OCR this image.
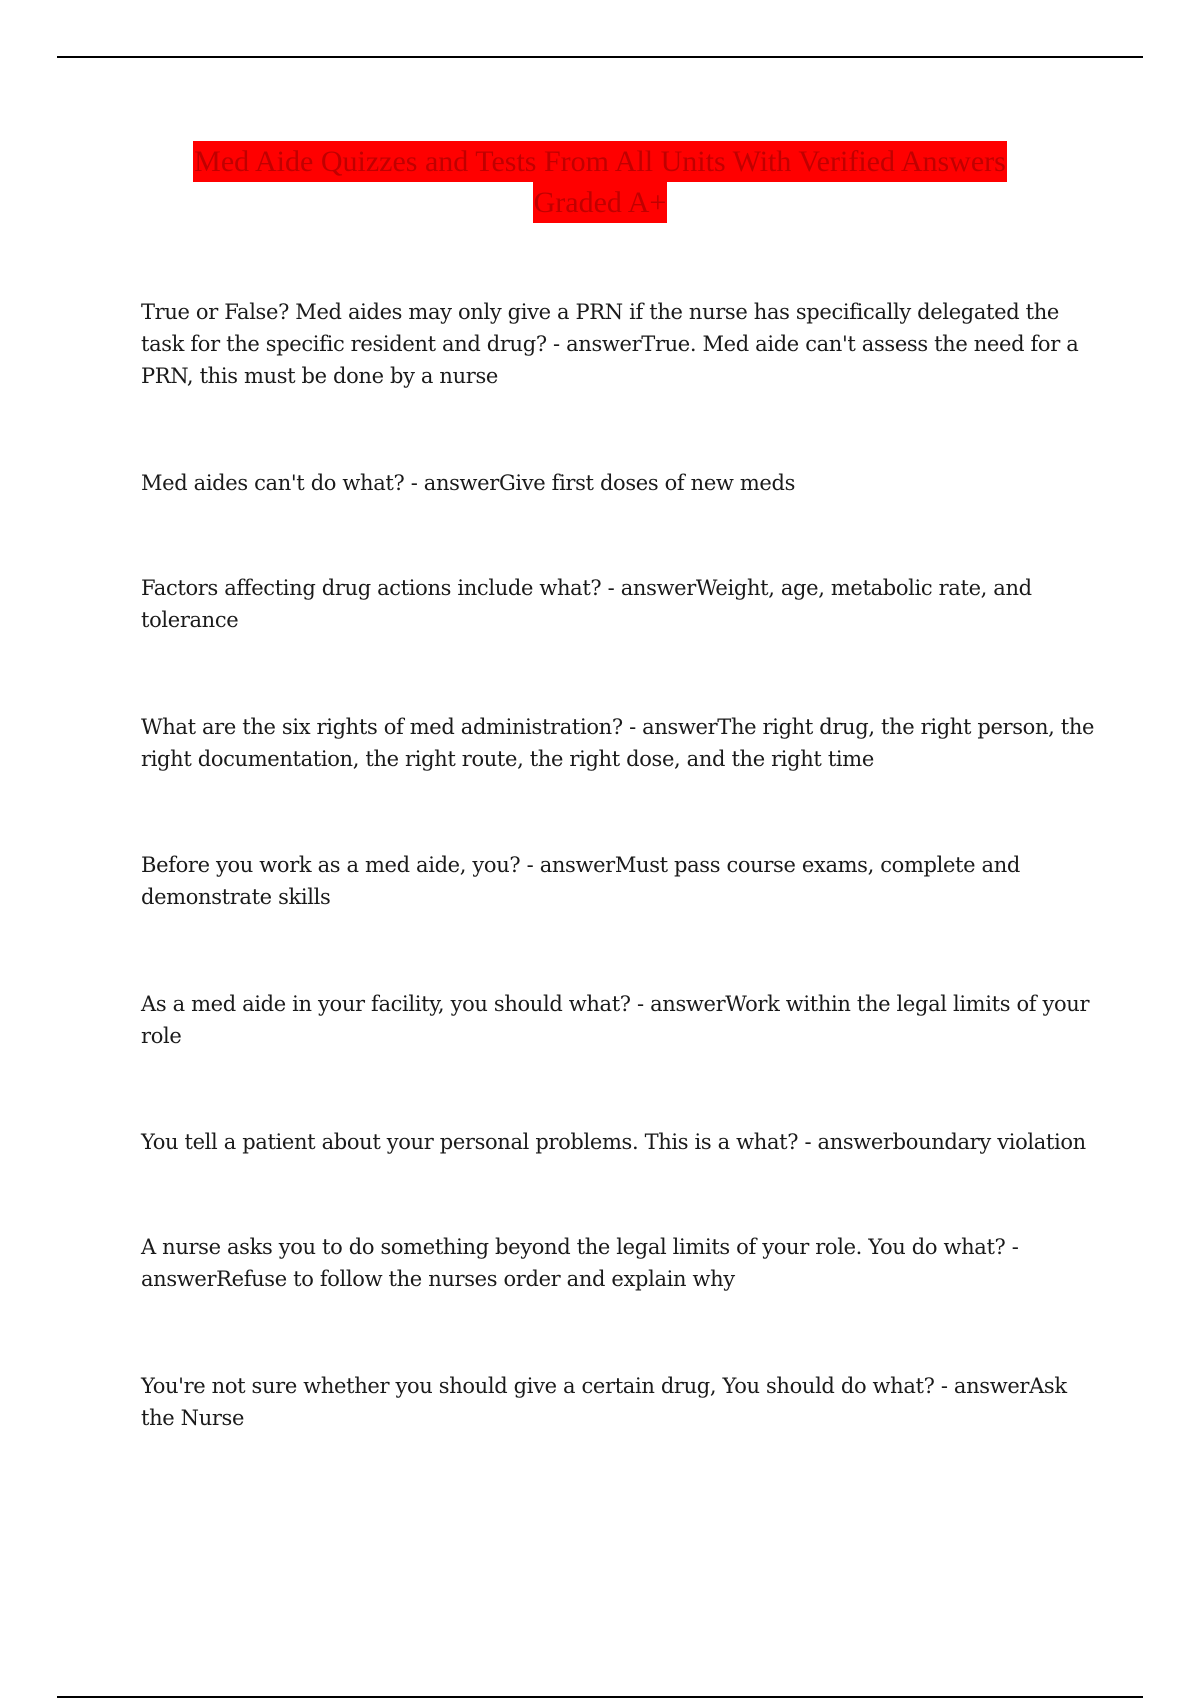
Med Aide Quizzes and Tests From All Units With Verified Answers
Graded A+

True or False? Med aides may only give a PRN if the nurse has specifically delegated the task for the specific resident and drug? - answerTrue. Med aide can't assess the need for a PRN, this must be done by a nurse

Med aides can't do what? - answerGive first doses of new meds

Factors affecting drug actions include what? - answerWeight, age, metabolic rate, and tolerance

What are the six rights of med administration? - answerThe right drug, the right person, the right documentation, the right route, the right dose, and the right time

Before you work as a med aide, you? - answerMust pass course exams, complete and demonstrate skills

As a med aide in your facility, you should what? - answerWork within the legal limits of your role

You tell a patient about your personal problems. This is a what? - answerboundary violation

A nurse asks you to do something beyond the legal limits of your role. You do what? - answerRefuse to follow the nurses order and explain why

You're not sure whether you should give a certain drug, You should do what? - answerAsk the Nurse
